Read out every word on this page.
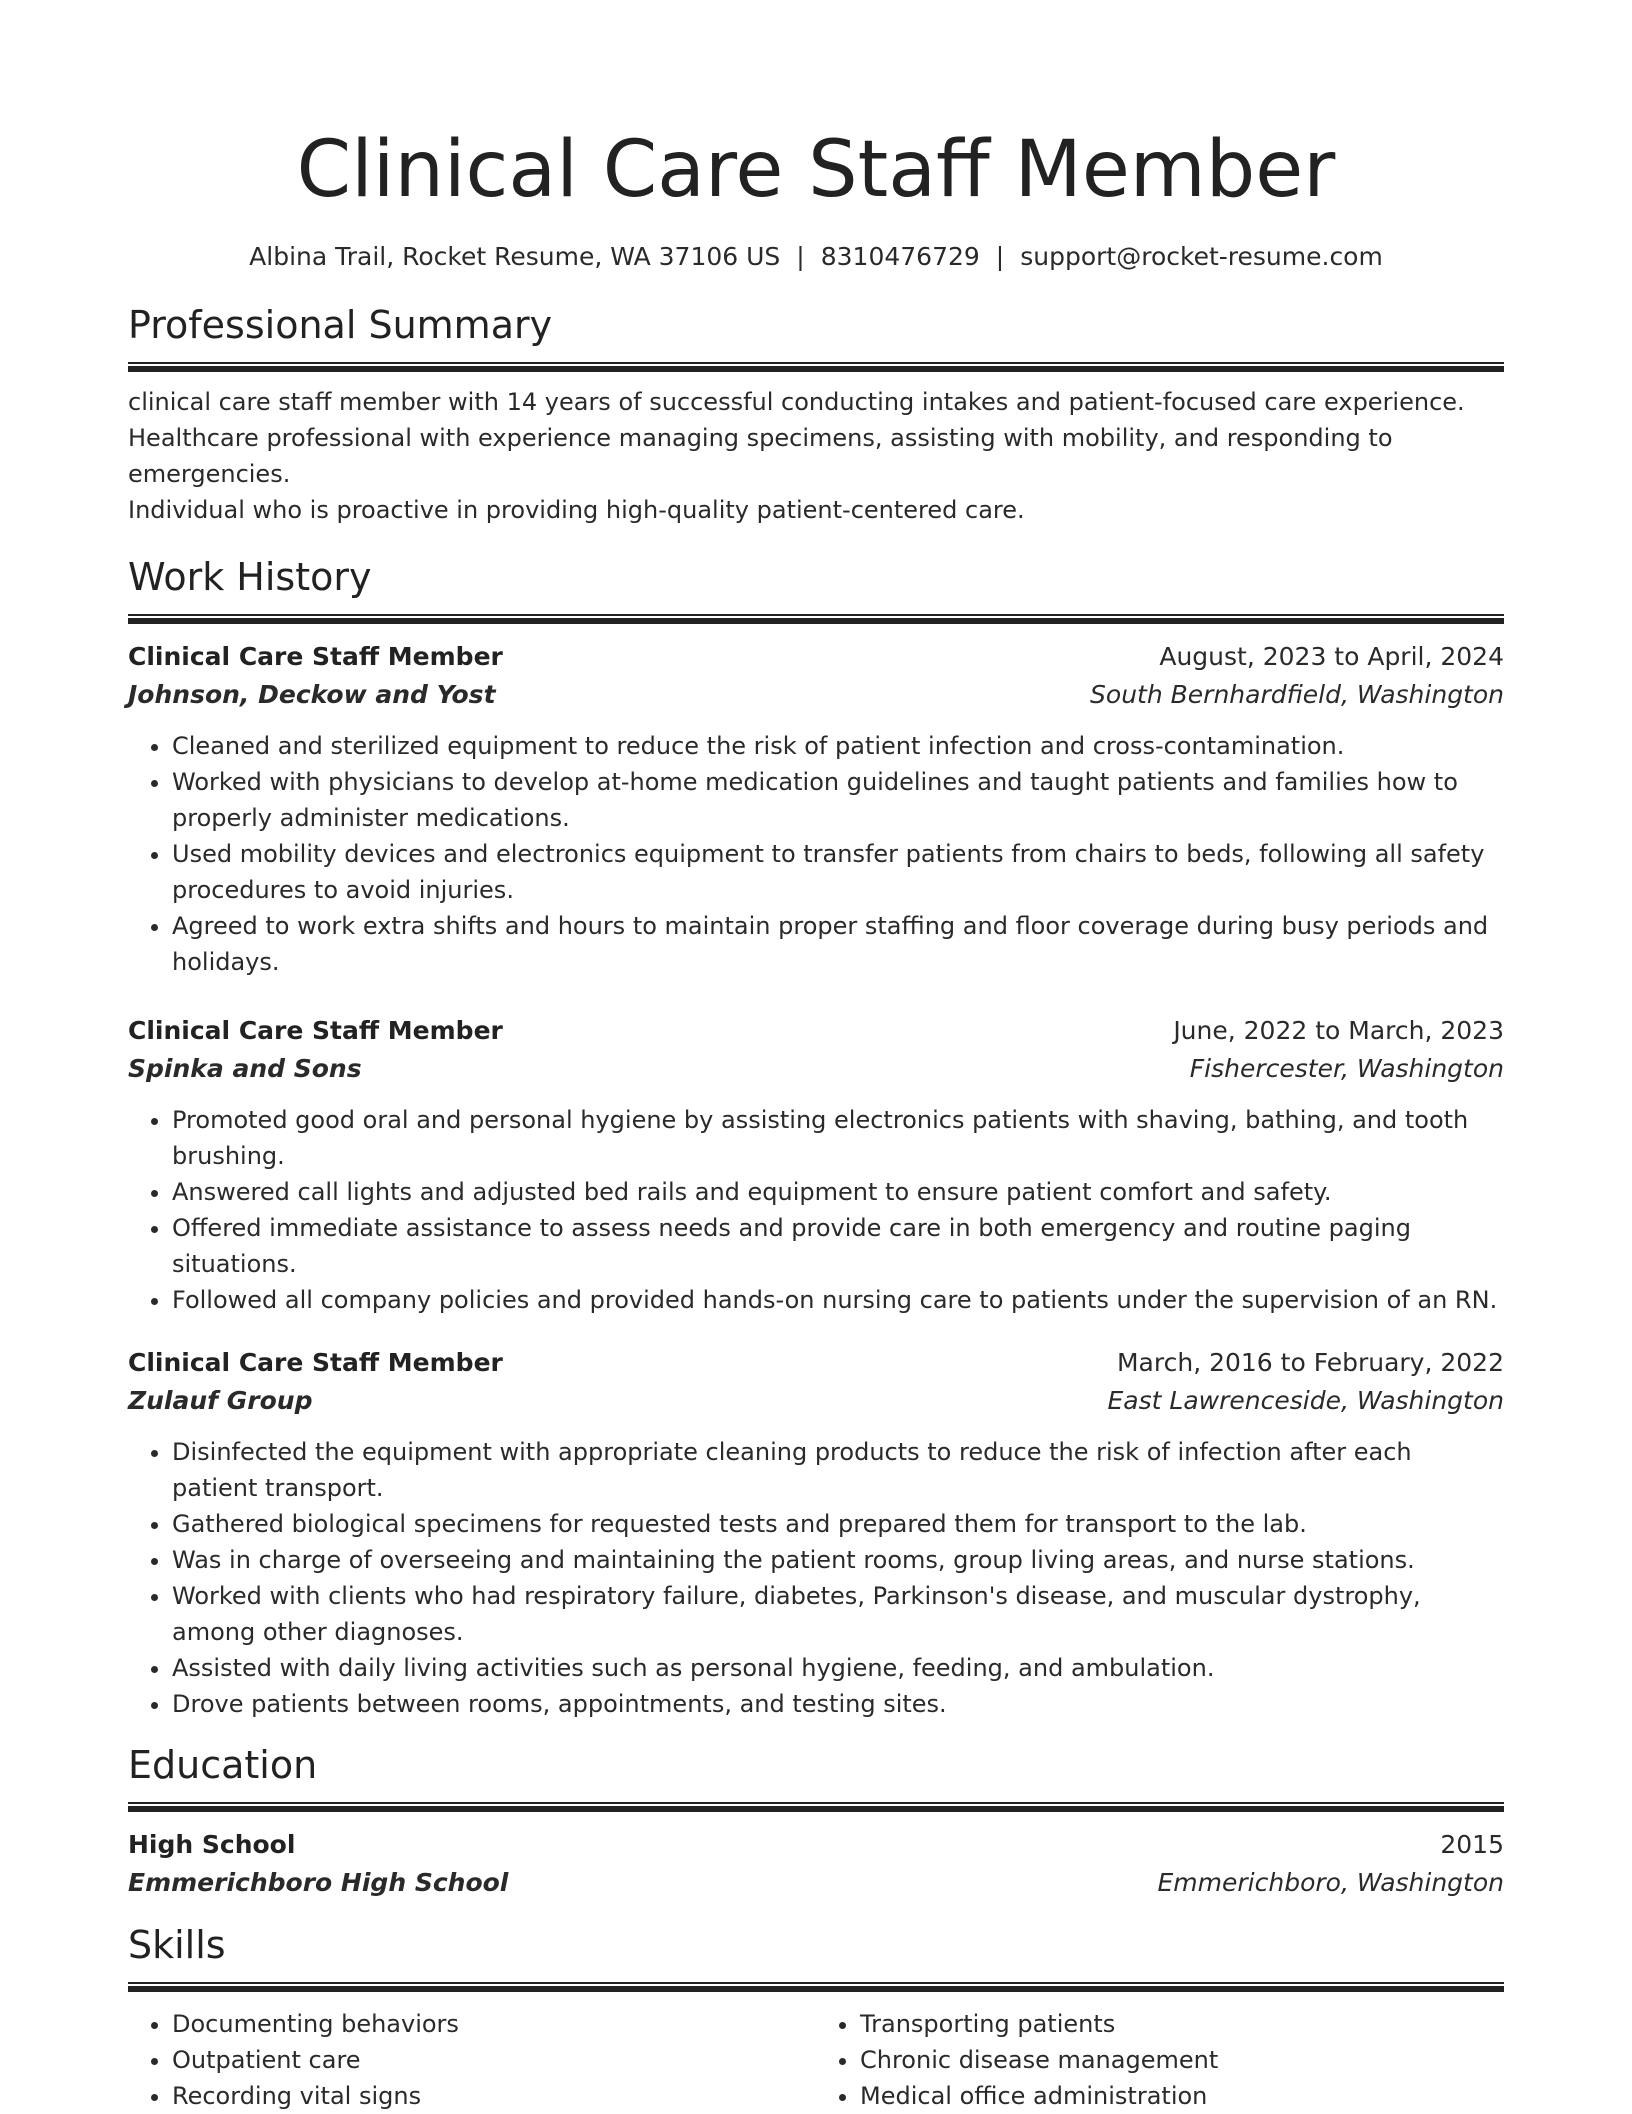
Clinical Care Staff Member
Albina Trail, Rocket Resume, WA 37106 US | 8310476729 | support@rocket-resume.com
Professional Summary
clinical care staff member with 14 years of successful conducting intakes and patient-focused care experience.
Healthcare professional with experience managing specimens, assisting with mobility, and responding to emergencies.
Individual who is proactive in providing high-quality patient-centered care.
Work History
Clinical Care Staff Member	August, 2023 to April, 2024
Johnson, Deckow and Yost	South Bernhardfield, Washington
• Cleaned and sterilized equipment to reduce the risk of patient infection and cross-contamination.
• Worked with physicians to develop at-home medication guidelines and taught patients and families how to properly administer medications.
• Used mobility devices and electronics equipment to transfer patients from chairs to beds, following all safety procedures to avoid injuries.
• Agreed to work extra shifts and hours to maintain proper staffing and floor coverage during busy periods and holidays.
Clinical Care Staff Member	June, 2022 to March, 2023
Spinka and Sons	Fishercester, Washington
• Promoted good oral and personal hygiene by assisting electronics patients with shaving, bathing, and tooth brushing.
• Answered call lights and adjusted bed rails and equipment to ensure patient comfort and safety.
• Offered immediate assistance to assess needs and provide care in both emergency and routine paging situations.
• Followed all company policies and provided hands-on nursing care to patients under the supervision of an RN.
Clinical Care Staff Member	March, 2016 to February, 2022
Zulauf Group	East Lawrenceside, Washington
• Disinfected the equipment with appropriate cleaning products to reduce the risk of infection after each patient transport.
• Gathered biological specimens for requested tests and prepared them for transport to the lab.
• Was in charge of overseeing and maintaining the patient rooms, group living areas, and nurse stations.
• Worked with clients who had respiratory failure, diabetes, Parkinson's disease, and muscular dystrophy, among other diagnoses.
• Assisted with daily living activities such as personal hygiene, feeding, and ambulation.
• Drove patients between rooms, appointments, and testing sites.
Education
High School	2015
Emmerichboro High School	Emmerichboro, Washington
Skills
• Documenting behaviors
• Outpatient care
• Recording vital signs
• Transporting patients
• Chronic disease management
• Medical office administration
